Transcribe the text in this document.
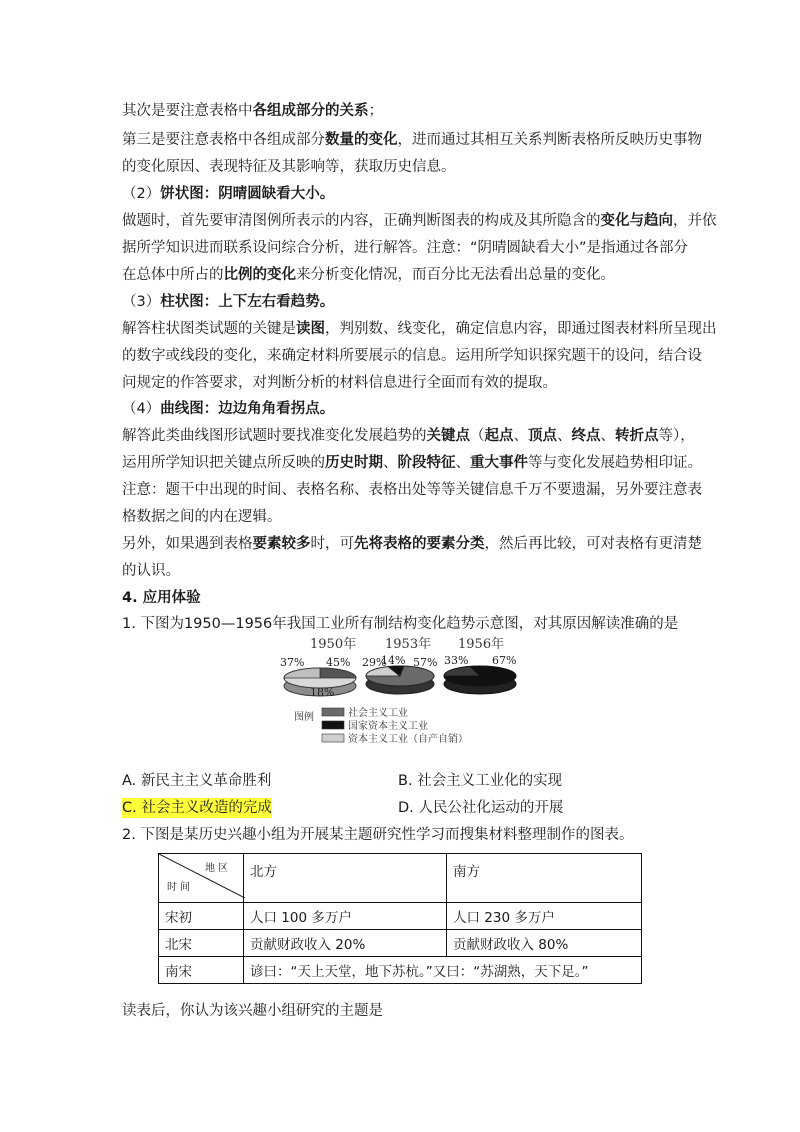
其次是要注意表格中各组成部分的关系；
第三是要注意表格中各组成部分数量的变化，进而通过其相互关系判断表格所反映历史事物
的变化原因、表现特征及其影响等，获取历史信息。
（2）饼状图：阴晴圆缺看大小。
做题时，首先要审清图例所表示的内容，正确判断图表的构成及其所隐含的变化与趋向，并依
据所学知识进而联系设问综合分析，进行解答。注意：“阴晴圆缺看大小”是指通过各部分
在总体中所占的比例的变化来分析变化情况，而百分比无法看出总量的变化。
（3）柱状图：上下左右看趋势。
解答柱状图类试题的关键是读图，判别数、线变化，确定信息内容，即通过图表材料所呈现出
的数字或线段的变化，来确定材料所要展示的信息。运用所学知识探究题干的设问，结合设
问规定的作答要求，对判断分析的材料信息进行全面而有效的提取。
（4）曲线图：边边角角看拐点。
解答此类曲线图形试题时要找准变化发展趋势的关键点（起点、顶点、终点、转折点等），
运用所学知识把关键点所反映的历史时期、阶段特征、重大事件等与变化发展趋势相印证。
注意：题干中出现的时间、表格名称、表格出处等等关键信息千万不要遗漏，另外要注意表
格数据之间的内在逻辑。
另外，如果遇到表格要素较多时，可先将表格的要素分类，然后再比较，可对表格有更清楚
的认识。
4. 应用体验
1. 下图为1950—1956年我国工业所有制结构变化趋势示意图，对其原因解读准确的是
1950年
37% 45%
18%
1953年
29%
14% 57%
1956年
33% 67%
图例	社会主义工业
国家资本主义工业
资本主义工业（自产自销）
A. 新民主主义革命胜利	B. 社会主义工业化的实现
C. 社会主义改造的完成	D. 人民公社化运动的开展
2. 下图是某历史兴趣小组为开展某主题研究性学习而搜集材料整理制作的图表。
地 区
时 间	北方	南方
宋初	人口 100 多万户	人口 230 多万户
北宋	贡献财政收入 20%	贡献财政收入 80%
南宋	谚曰：“天上天堂，地下苏杭。”又曰：“苏湖熟，天下足。”	
读表后，你认为该兴趣小组研究的主题是
